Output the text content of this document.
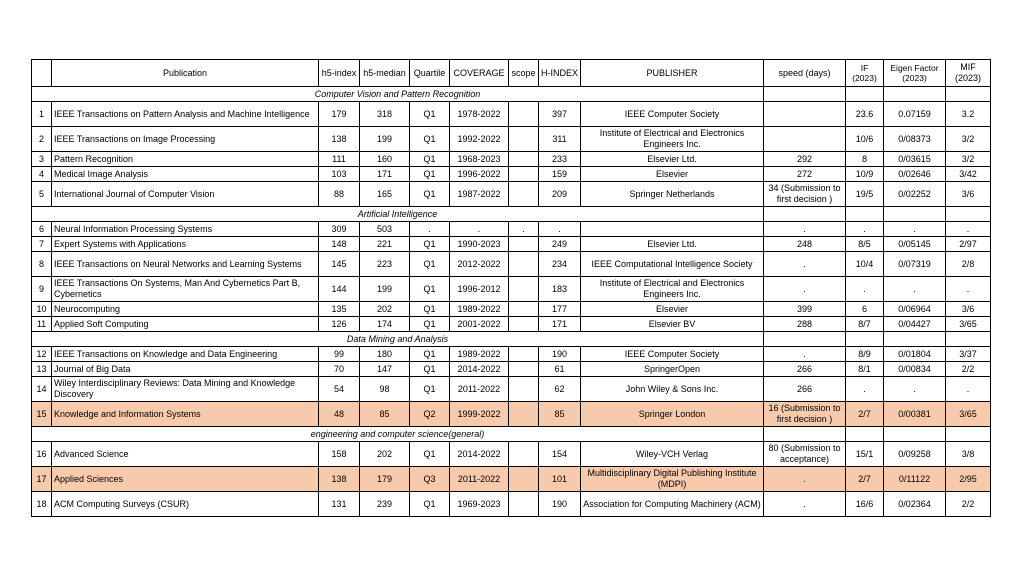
	Publication	h5-index	h5-median	Quartile	COVERAGE	scope	H-INDEX	PUBLISHER	speed (days)	IF (2023)	Eigen Factor (2023)	MIF (2023)
Computer Vision and Pattern Recognition												
1	IEEE Transactions on Pattern Analysis and Machine Intelligence	179	318	Q1	1978-2022		397	IEEE Computer Society		23.6	0.07159	3.2
2	IEEE Transactions on Image Processing	138	199	Q1	1992-2022		311	Institute of Electrical and Electronics Engineers Inc.		10/6	0/08373	3/2
3	Pattern Recognition	111	160	Q1	1968-2023		233	Elsevier Ltd.	292	8	0/03615	3/2
4	Medical Image Analysis	103	171	Q1	1996-2022		159	Elsevier	272	10/9	0/02646	3/42
5	International Journal of Computer Vision	88	165	Q1	1987-2022		209	Springer Netherlands	34 (Submission to first decision )	19/5	0/02252	3/6
Artificial Intelligence												
6	Neural Information Processing Systems	309	503	.	.	.	.		.	.	.	.
7	Expert Systems with Applications	148	221	Q1	1990-2023		249	Elsevier Ltd.	248	8/5	0/05145	2/97
8	IEEE Transactions on Neural Networks and Learning Systems	145	223	Q1	2012-2022		234	IEEE Computational Intelligence Society	.	10/4	0/07319	2/8
9	IEEE Transactions On Systems, Man And Cybernetics Part B, Cybernetics	144	199	Q1	1996-2012		183	Institute of Electrical and Electronics Engineers Inc.	.	.	.	.
10	Neurocomputing	135	202	Q1	1989-2022		177	Elsevier	399	6	0/06964	3/6
11	Applied Soft Computing	126	174	Q1	2001-2022		171	Elsevier BV	288	8/7	0/04427	3/65
Data Mining and Analysis												
12	IEEE Transactions on Knowledge and Data Engineering	99	180	Q1	1989-2022		190	IEEE Computer Society	.	8/9	0/01804	3/37
13	Journal of Big Data	70	147	Q1	2014-2022		61	SpringerOpen	266	8/1	0/00834	2/2
14	Wiley Interdisciplinary Reviews: Data Mining and Knowledge Discovery	54	98	Q1	2011-2022		62	John Wiley & Sons Inc.	266	.	.	.
15	Knowledge and Information Systems	48	85	Q2	1999-2022		85	Springer London	16 (Submission to first decision )	2/7	0/00381	3/65
engineering and computer science(general)												
16	Advanced Science	158	202	Q1	2014-2022		154	Wiley-VCH Verlag	80 (Submission to acceptance)	15/1	0/09258	3/8
17	Applied Sciences	138	179	Q3	2011-2022		101	Multidisciplinary Digital Publishing Institute (MDPI)	.	2/7	0/11122	2/95
18	ACM Computing Surveys (CSUR)	131	239	Q1	1969-2023		190	Association for Computing Machinery (ACM)	.	16/6	0/02364	2/2
